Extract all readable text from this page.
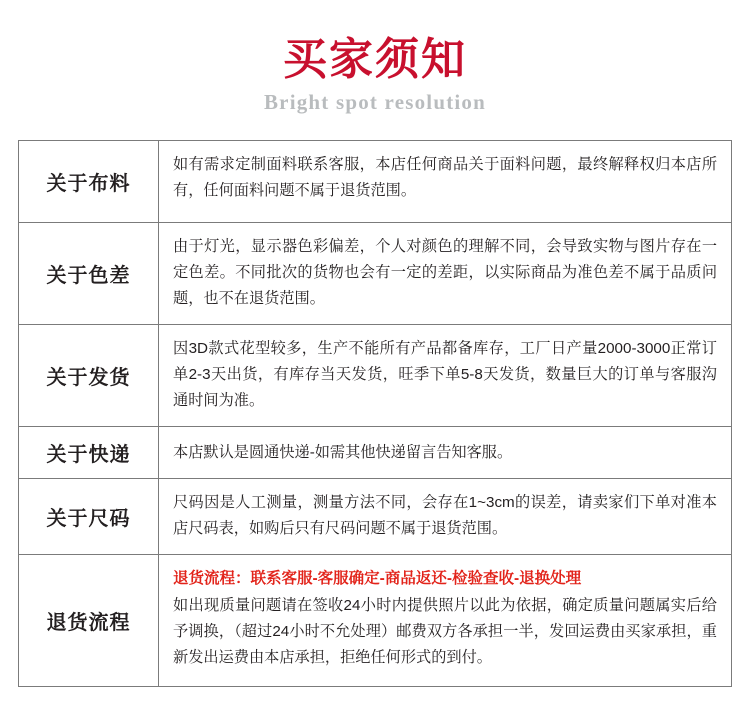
买家须知
Bright spot resolution
关于布料
如有需求定制面料联系客服，本店任何商品关于面料问题，最终解释权归本店所有，任何面料问题不属于退货范围。
关于色差
由于灯光，显示器色彩偏差，个人对颜色的理解不同，会导致实物与图片存在一定色差。不同批次的货物也会有一定的差距，以实际商品为准色差不属于品质问题，也不在退货范围。
关于发货
因3D款式花型较多，生产不能所有产品都备库存，工厂日产量2000-3000正常订单2-3天出货，有库存当天发货，旺季下单5-8天发货，数量巨大的订单与客服沟通时间为准。
关于快递	本店默认是圆通快递-如需其他快递留言告知客服。
关于尺码
尺码因是人工测量，测量方法不同，会存在1~3cm的误差，请卖家们下单对准本店尺码表，如购后只有尺码问题不属于退货范围。
退货流程
退货流程：联系客服-客服确定-商品返还-检验查收-退换处理
如出现质量问题请在签收24小时内提供照片以此为依据，确定质量问题属实后给予调换，（超过24小时不允处理）邮费双方各承担一半，发回运费由买家承担，重新发出运费由本店承担，拒绝任何形式的到付。
